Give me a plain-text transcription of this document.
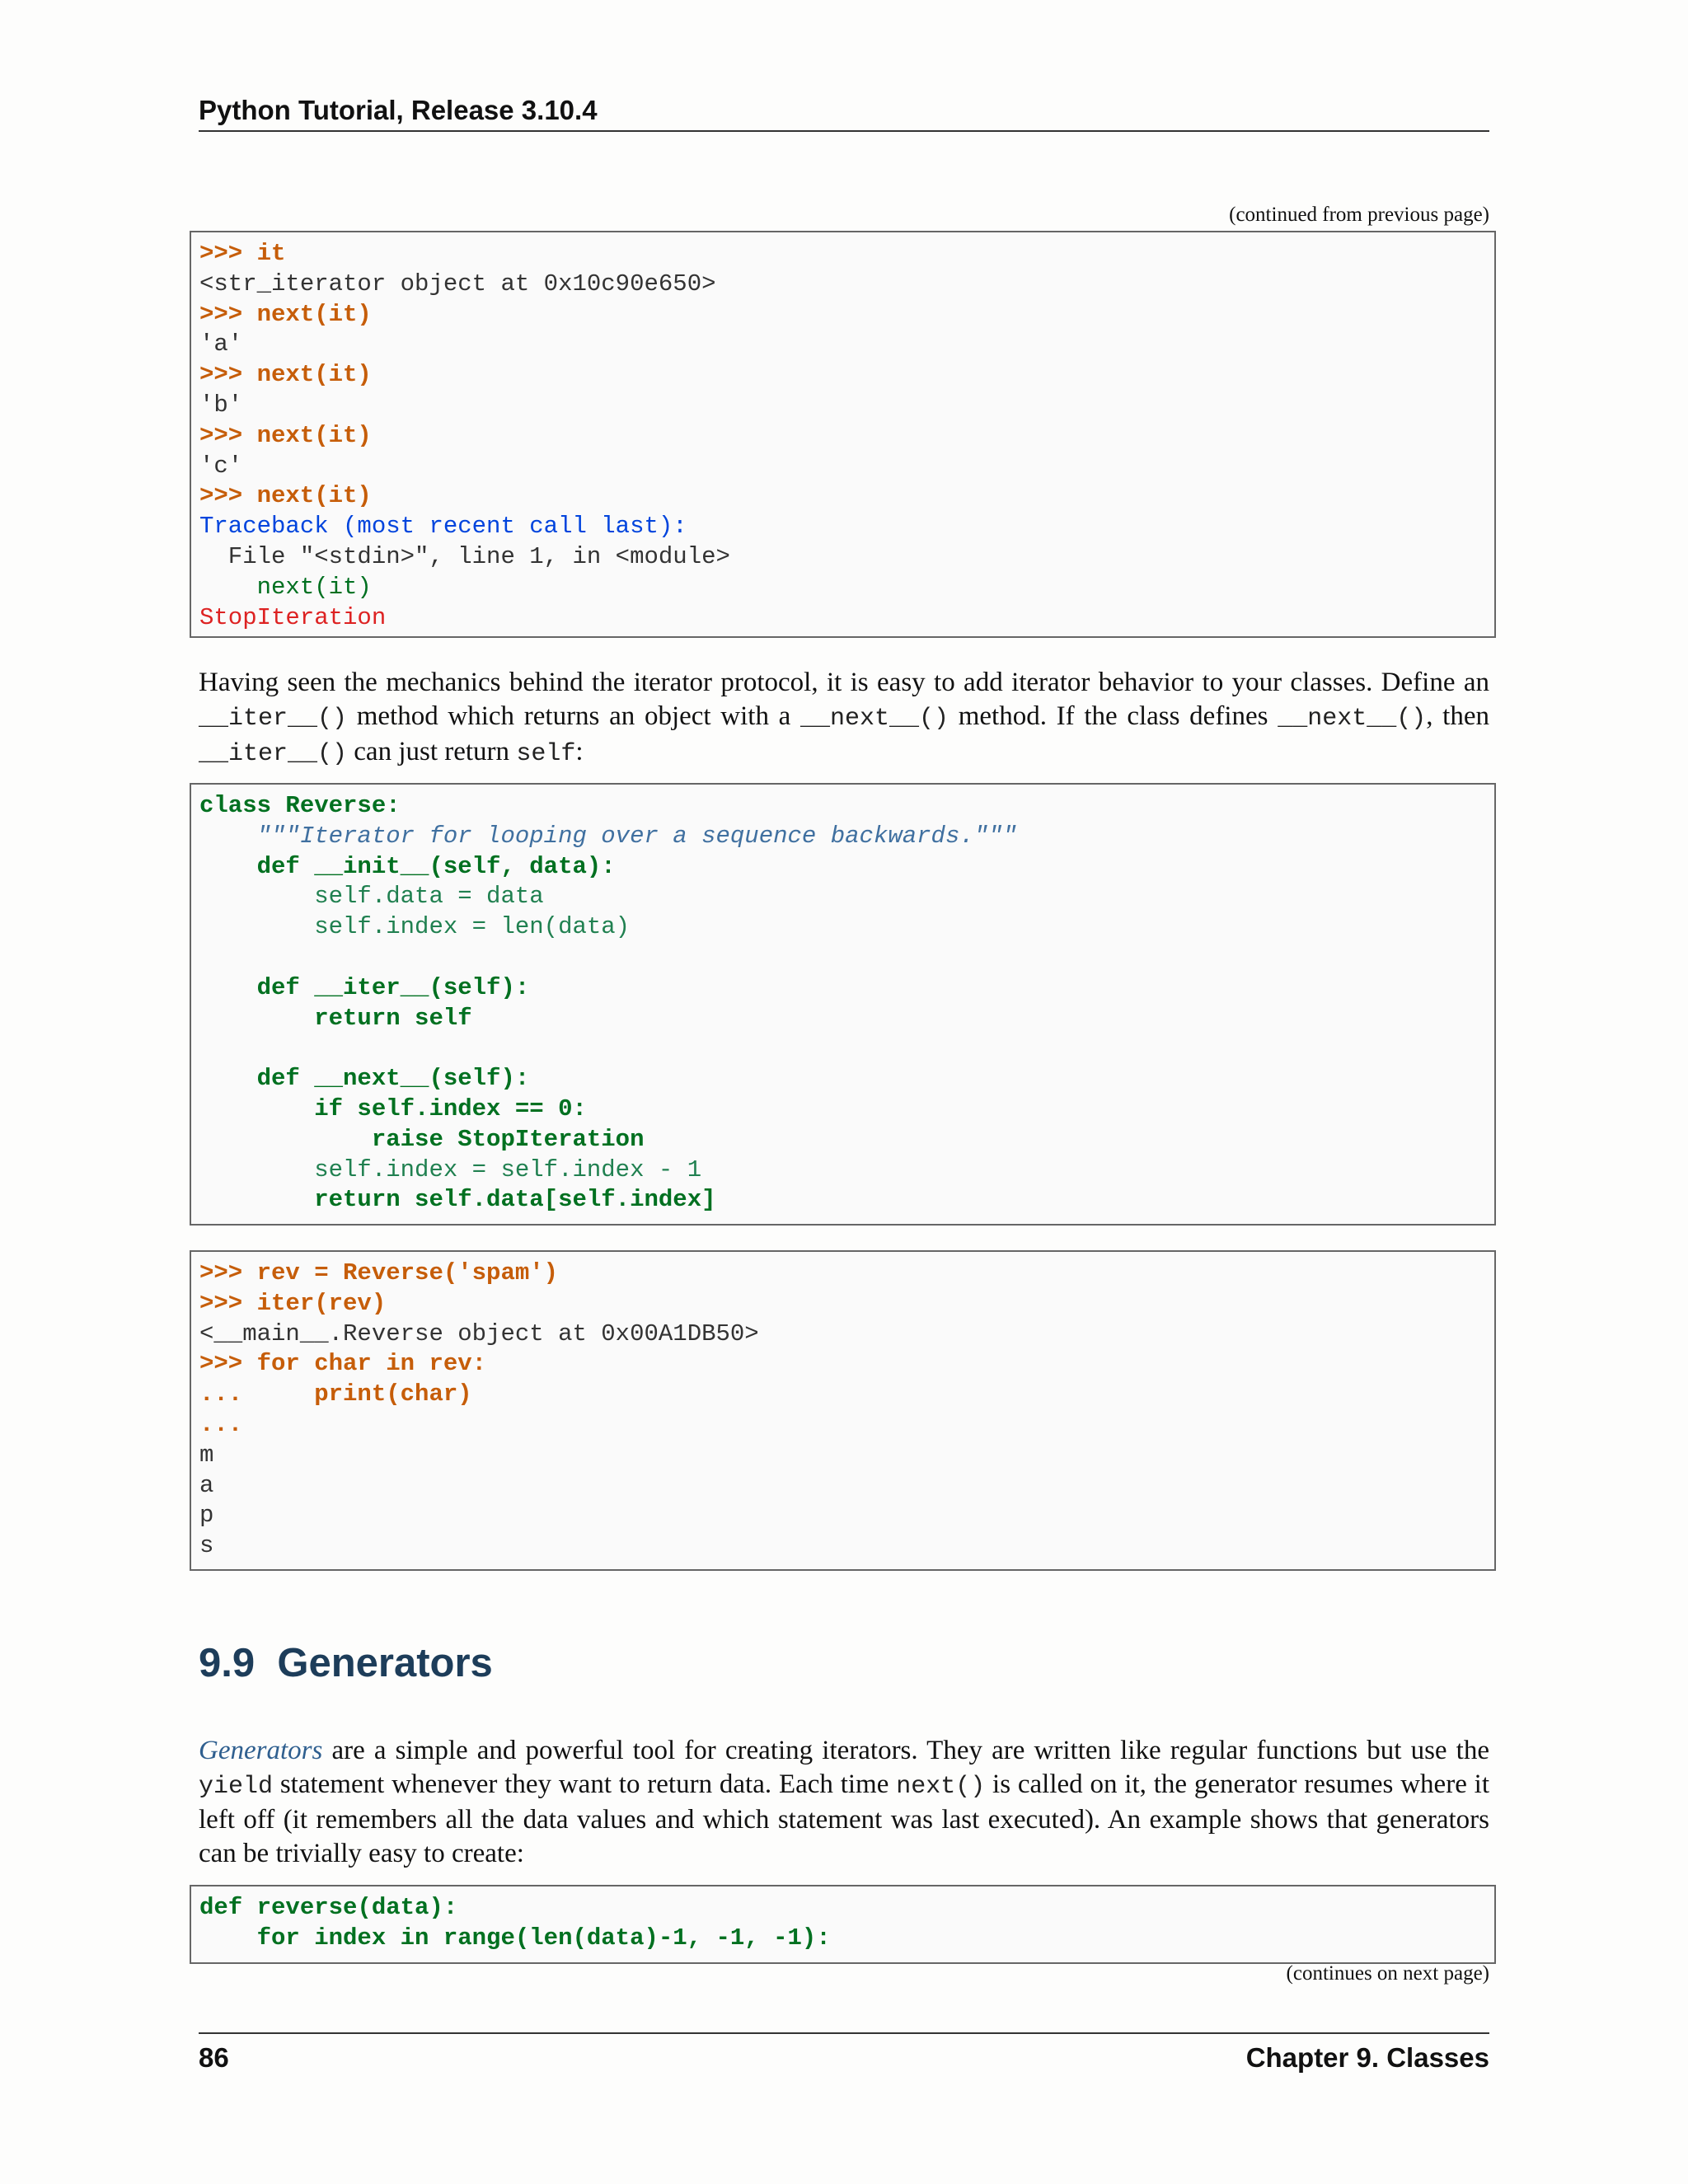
Python Tutorial, Release 3.10.4
(continued from previous page)
>>> it
<str_iterator object at 0x10c90e650>
>>> next(it)
'a'
>>> next(it)
'b'
>>> next(it)
'c'
>>> next(it)
Traceback (most recent call last):
File "<stdin>", line 1, in <module>
next(it)
StopIteration

Having seen the mechanics behind the iterator protocol, it is easy to add iterator behavior to your classes. Define an __iter__() method which returns an object with a __next__() method. If the class defines __next__(), then __iter__() can just return self:

class Reverse:
"""Iterator for looping over a sequence backwards."""
def __init__(self, data):
self.data = data
self.index = len(data)

def __iter__(self):
return self

def __next__(self):
if self.index == 0:
raise StopIteration
self.index = self.index - 1
return self.data[self.index]
>>> rev = Reverse('spam')
>>> iter(rev)
<__main__.Reverse object at 0x00A1DB50>
>>> for char in rev:
...     print(char)
...
m
a
p
s
9.9 Generators

Generators are a simple and powerful tool for creating iterators. They are written like regular functions but use the yield statement whenever they want to return data. Each time next() is called on it, the generator resumes where it left off (it remembers all the data values and which statement was last executed). An example shows that generators can be trivially easy to create:

def reverse(data):
for index in range(len(data)-1, -1, -1):
(continues on next page)
86	Chapter 9. Classes
